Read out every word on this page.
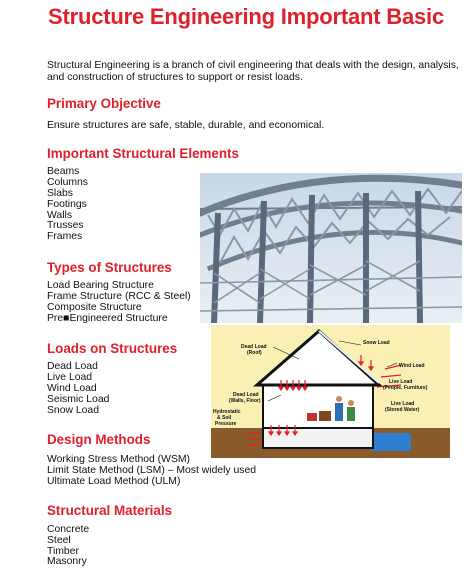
Structure Engineering Important Basic

Structural Engineering is a branch of civil engineering that deals with the design, analysis, and construction of structures to support or resist loads.

Primary Objective

Ensure structures are safe, stable, durable, and economical.

Important Structural Elements
Beams
Columns
Slabs
Footings
Walls
Trusses
Frames
Types of Structures
Load Bearing Structure
Frame Structure (RCC & Steel)
Composite Structure
Pre■Engineered Structure
Loads on Structures
Dead Load
Live Load
Wind Load
Seismic Load
Snow Load
Design Methods
Working Stress Method (WSM)
Limit State Method (LSM) – Most widely used
Ultimate Load Method (ULM)
Structural Materials
Concrete
Steel
Timber
Masonry
Dead Load
(Roof)
Snow Load
Wind Load
Dead Load
(Walls, Floor)
Live Load
(People, Furniture)
Hydrostatic
& Soil
Pressure
Live Load
(Stored Water)
